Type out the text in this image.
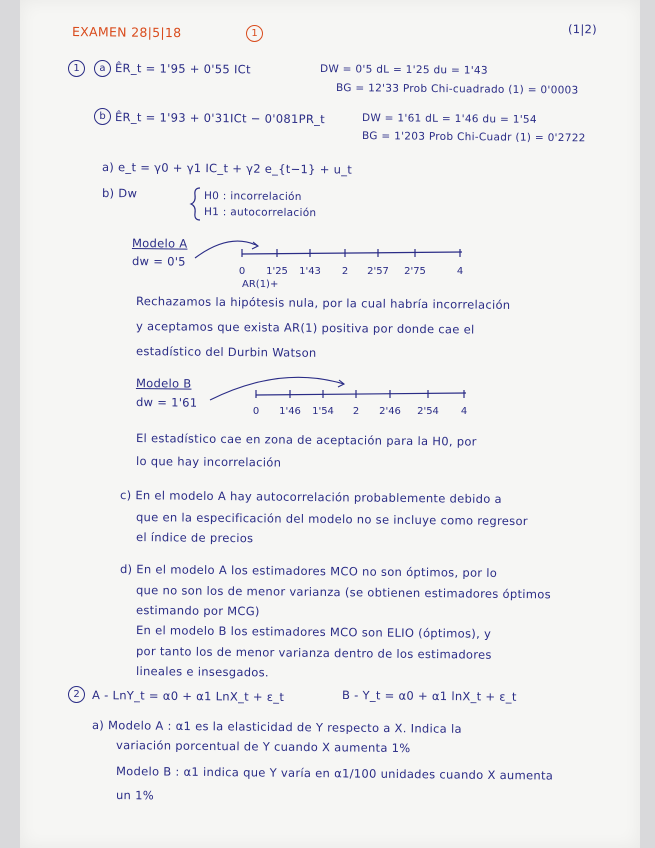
EXAMEN 28|5|18	1	(1|2)

1	a ÊR_t = 1'95 + 0'55 ICt	DW = 0'5 dL = 1'25 du = 1'43

BG = 12'33 Prob Chi-cuadrado (1) = 0'0003

b ÊR_t = 1'93 + 0'31ICt − 0'081PR_t	DW = 1'61 dL = 1'46 du = 1'54

BG = 1'203 Prob Chi-Cuadr (1) = 0'2722

a) e_t = γ0 + γ1 IC_t + γ2 e_{t−1} + u_t

b) Dw	H0 : incorrelación

H1 : autocorrelación

Modelo A

dw = 0'5

0 1'25 1'43 2 2'57 2'75	4
AR(1)+

Rechazamos la hipótesis nula, por la cual habría incorrelación

y aceptamos que exista AR(1) positiva por donde cae el

estadístico del Durbin Watson

Modelo B

dw = 1'61

0 1'46 1'54 2 2'46 2'54 4

El estadístico cae en zona de aceptación para la H0, por

lo que hay incorrelación

c) En el modelo A hay autocorrelación probablemente debido a

que en la especificación del modelo no se incluye como regresor

el índice de precios

d) En el modelo A los estimadores MCO no son óptimos, por lo

que no son los de menor varianza (se obtienen estimadores óptimos

estimando por MCG)

En el modelo B los estimadores MCO son ELIO (óptimos), y

por tanto los de menor varianza dentro de los estimadores

lineales e insesgados.

2	A - LnY_t = α0 + α1 LnX_t + ε_t	B - Y_t = α0 + α1 lnX_t + ε_t

a) Modelo A : α1 es la elasticidad de Y respecto a X. Indica la

variación porcentual de Y cuando X aumenta 1%

Modelo B : α1 indica que Y varía en α1/100 unidades cuando X aumenta

un 1%
